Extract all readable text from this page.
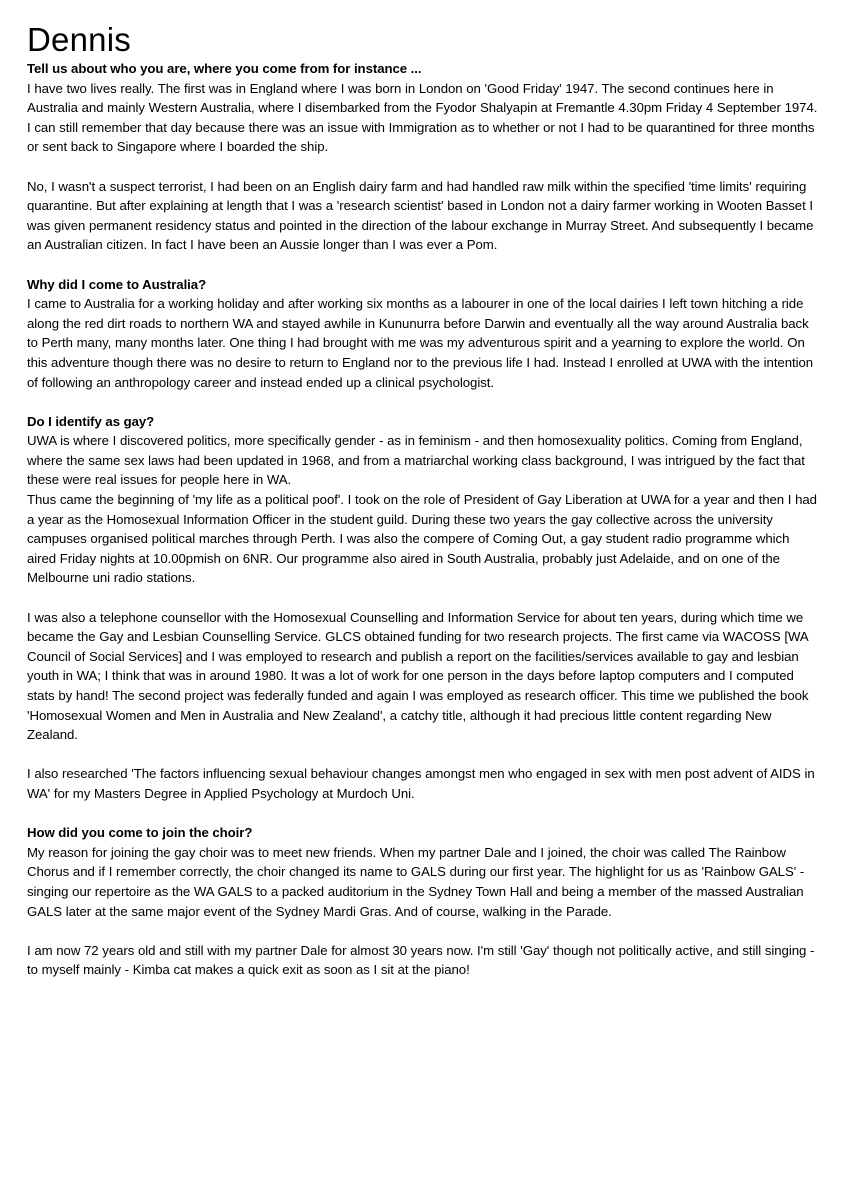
Dennis

Tell us about who you are, where you come from for instance ...

I have two lives really. The first was in England where I was born in London on 'Good Friday' 1947. The second continues here in Australia and mainly Western Australia, where I disembarked from the Fyodor Shalyapin at Fremantle 4.30pm Friday 4 September 1974. I can still remember that day because there was an issue with Immigration as to whether or not I had to be quarantined for three months or sent back to Singapore where I boarded the ship.

No, I wasn't a suspect terrorist, I had been on an English dairy farm and had handled raw milk within the specified 'time limits' requiring quarantine. But after explaining at length that I was a 'research scientist' based in London not a dairy farmer working in Wooten Basset I was given permanent residency status and pointed in the direction of the labour exchange in Murray Street. And subsequently I became an Australian citizen. In fact I have been an Aussie longer than I was ever a Pom.

Why did I come to Australia?

I came to Australia for a working holiday and after working six months as a labourer in one of the local dairies I left town hitching a ride along the red dirt roads to northern WA and stayed awhile in Kununurra before Darwin and eventually all the way around Australia back to Perth many, many months later. One thing I had brought with me was my adventurous spirit and a yearning to explore the world. On this adventure though there was no desire to return to England nor to the previous life I had. Instead I enrolled at UWA with the intention of following an anthropology career and instead ended up a clinical psychologist.

Do I identify as gay?

UWA is where I discovered politics, more specifically gender - as in feminism - and then homosexuality politics. Coming from England, where the same sex laws had been updated in 1968, and from a matriarchal working class background, I was intrigued by the fact that these were real issues for people here in WA.

Thus came the beginning of 'my life as a political poof'. I took on the role of President of Gay Liberation at UWA for a year and then I had a year as the Homosexual Information Officer in the student guild. During these two years the gay collective across the university campuses organised political marches through Perth. I was also the compere of Coming Out, a gay student radio programme which aired Friday nights at 10.00pmish on 6NR. Our programme also aired in South Australia, probably just Adelaide, and on one of the Melbourne uni radio stations.

I was also a telephone counsellor with the Homosexual Counselling and Information Service for about ten years, during which time we became the Gay and Lesbian Counselling Service. GLCS obtained funding for two research projects. The first came via WACOSS [WA Council of Social Services] and I was employed to research and publish a report on the facilities/services available to gay and lesbian youth in WA; I think that was in around 1980. It was a lot of work for one person in the days before laptop computers and I computed stats by hand! The second project was federally funded and again I was employed as research officer. This time we published the book 'Homosexual Women and Men in Australia and New Zealand', a catchy title, although it had precious little content regarding New Zealand.

I also researched 'The factors influencing sexual behaviour changes amongst men who engaged in sex with men post advent of AIDS in WA' for my Masters Degree in Applied Psychology at Murdoch Uni.

How did you come to join the choir?

My reason for joining the gay choir was to meet new friends. When my partner Dale and I joined, the choir was called The Rainbow Chorus and if I remember correctly, the choir changed its name to GALS during our first year. The highlight for us as 'Rainbow GALS' - singing our repertoire as the WA GALS to a packed auditorium in the Sydney Town Hall and being a member of the massed Australian GALS later at the same major event of the Sydney Mardi Gras. And of course, walking in the Parade.

I am now 72 years old and still with my partner Dale for almost 30 years now. I'm still 'Gay' though not politically active, and still singing - to myself mainly - Kimba cat makes a quick exit as soon as I sit at the piano!
